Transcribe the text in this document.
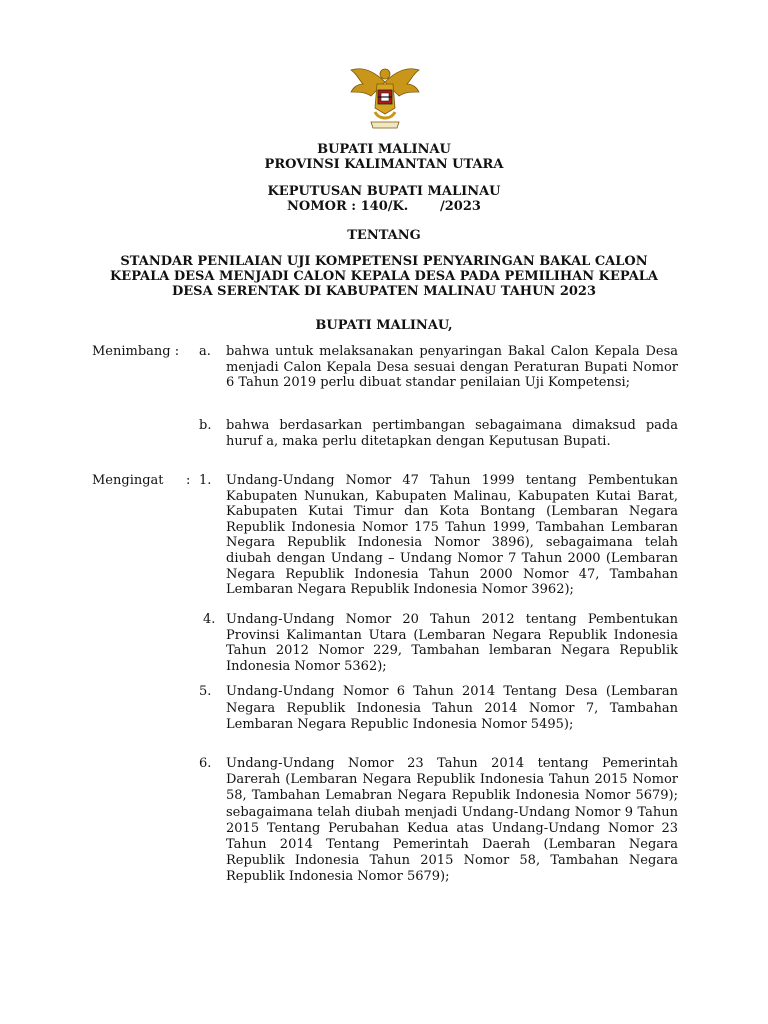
BUPATI MALINAU
PROVINSI KALIMANTAN UTARA
KEPUTUSAN BUPATI MALINAU
NOMOR : 140/K.       /2023
TENTANG
STANDAR PENILAIAN UJI KOMPETENSI PENYARINGAN BAKAL CALON
KEPALA DESA MENJADI CALON KEPALA DESA PADA PEMILIHAN KEPALA
DESA SERENTAK DI KABUPATEN MALINAU TAHUN 2023
BUPATI MALINAU,
Menimbang : a. bahwa untuk melaksanakan penyaringan Bakal Calon Kepala Desa menjadi Calon Kepala Desa sesuai dengan Peraturan Bupati Nomor 6 Tahun 2019 perlu dibuat standar penilaian Uji Kompetensi;
b. bahwa berdasarkan pertimbangan sebagaimana dimaksud pada huruf a, maka perlu ditetapkan dengan Keputusan Bupati.
Mengingat : 1. Undang-Undang Nomor 47 Tahun 1999 tentang Pembentukan Kabupaten Nunukan, Kabupaten Malinau, Kabupaten Kutai Barat, Kabupaten Kutai Timur dan Kota Bontang (Lembaran Negara Republik Indonesia Nomor 175 Tahun 1999, Tambahan Lembaran Negara Republik Indonesia Nomor 3896), sebagaimana telah diubah dengan Undang – Undang Nomor 7 Tahun 2000 (Lembaran Negara Republik Indonesia Tahun 2000 Nomor 47, Tambahan Lembaran Negara Republik Indonesia Nomor 3962);
4. Undang-Undang Nomor 20 Tahun 2012 tentang Pembentukan Provinsi Kalimantan Utara (Lembaran Negara Republik Indonesia Tahun 2012 Nomor 229, Tambahan lembaran Negara Republik Indonesia Nomor 5362);
5. Undang-Undang Nomor 6 Tahun 2014 Tentang Desa (Lembaran Negara Republik Indonesia Tahun 2014 Nomor 7, Tambahan Lembaran Negara Republic Indonesia Nomor 5495);
6. Undang-Undang Nomor 23 Tahun 2014 tentang Pemerintah Darerah (Lembaran Negara Republik Indonesia Tahun 2015 Nomor 58, Tambahan Lemabran Negara Republik Indonesia Nomor 5679); sebagaimana telah diubah menjadi Undang-Undang Nomor 9 Tahun 2015 Tentang Perubahan Kedua atas Undang-Undang Nomor 23 Tahun 2014 Tentang Pemerintah Daerah (Lembaran Negara Republik Indonesia Tahun 2015 Nomor 58, Tambahan Negara Republik Indonesia Nomor 5679);
